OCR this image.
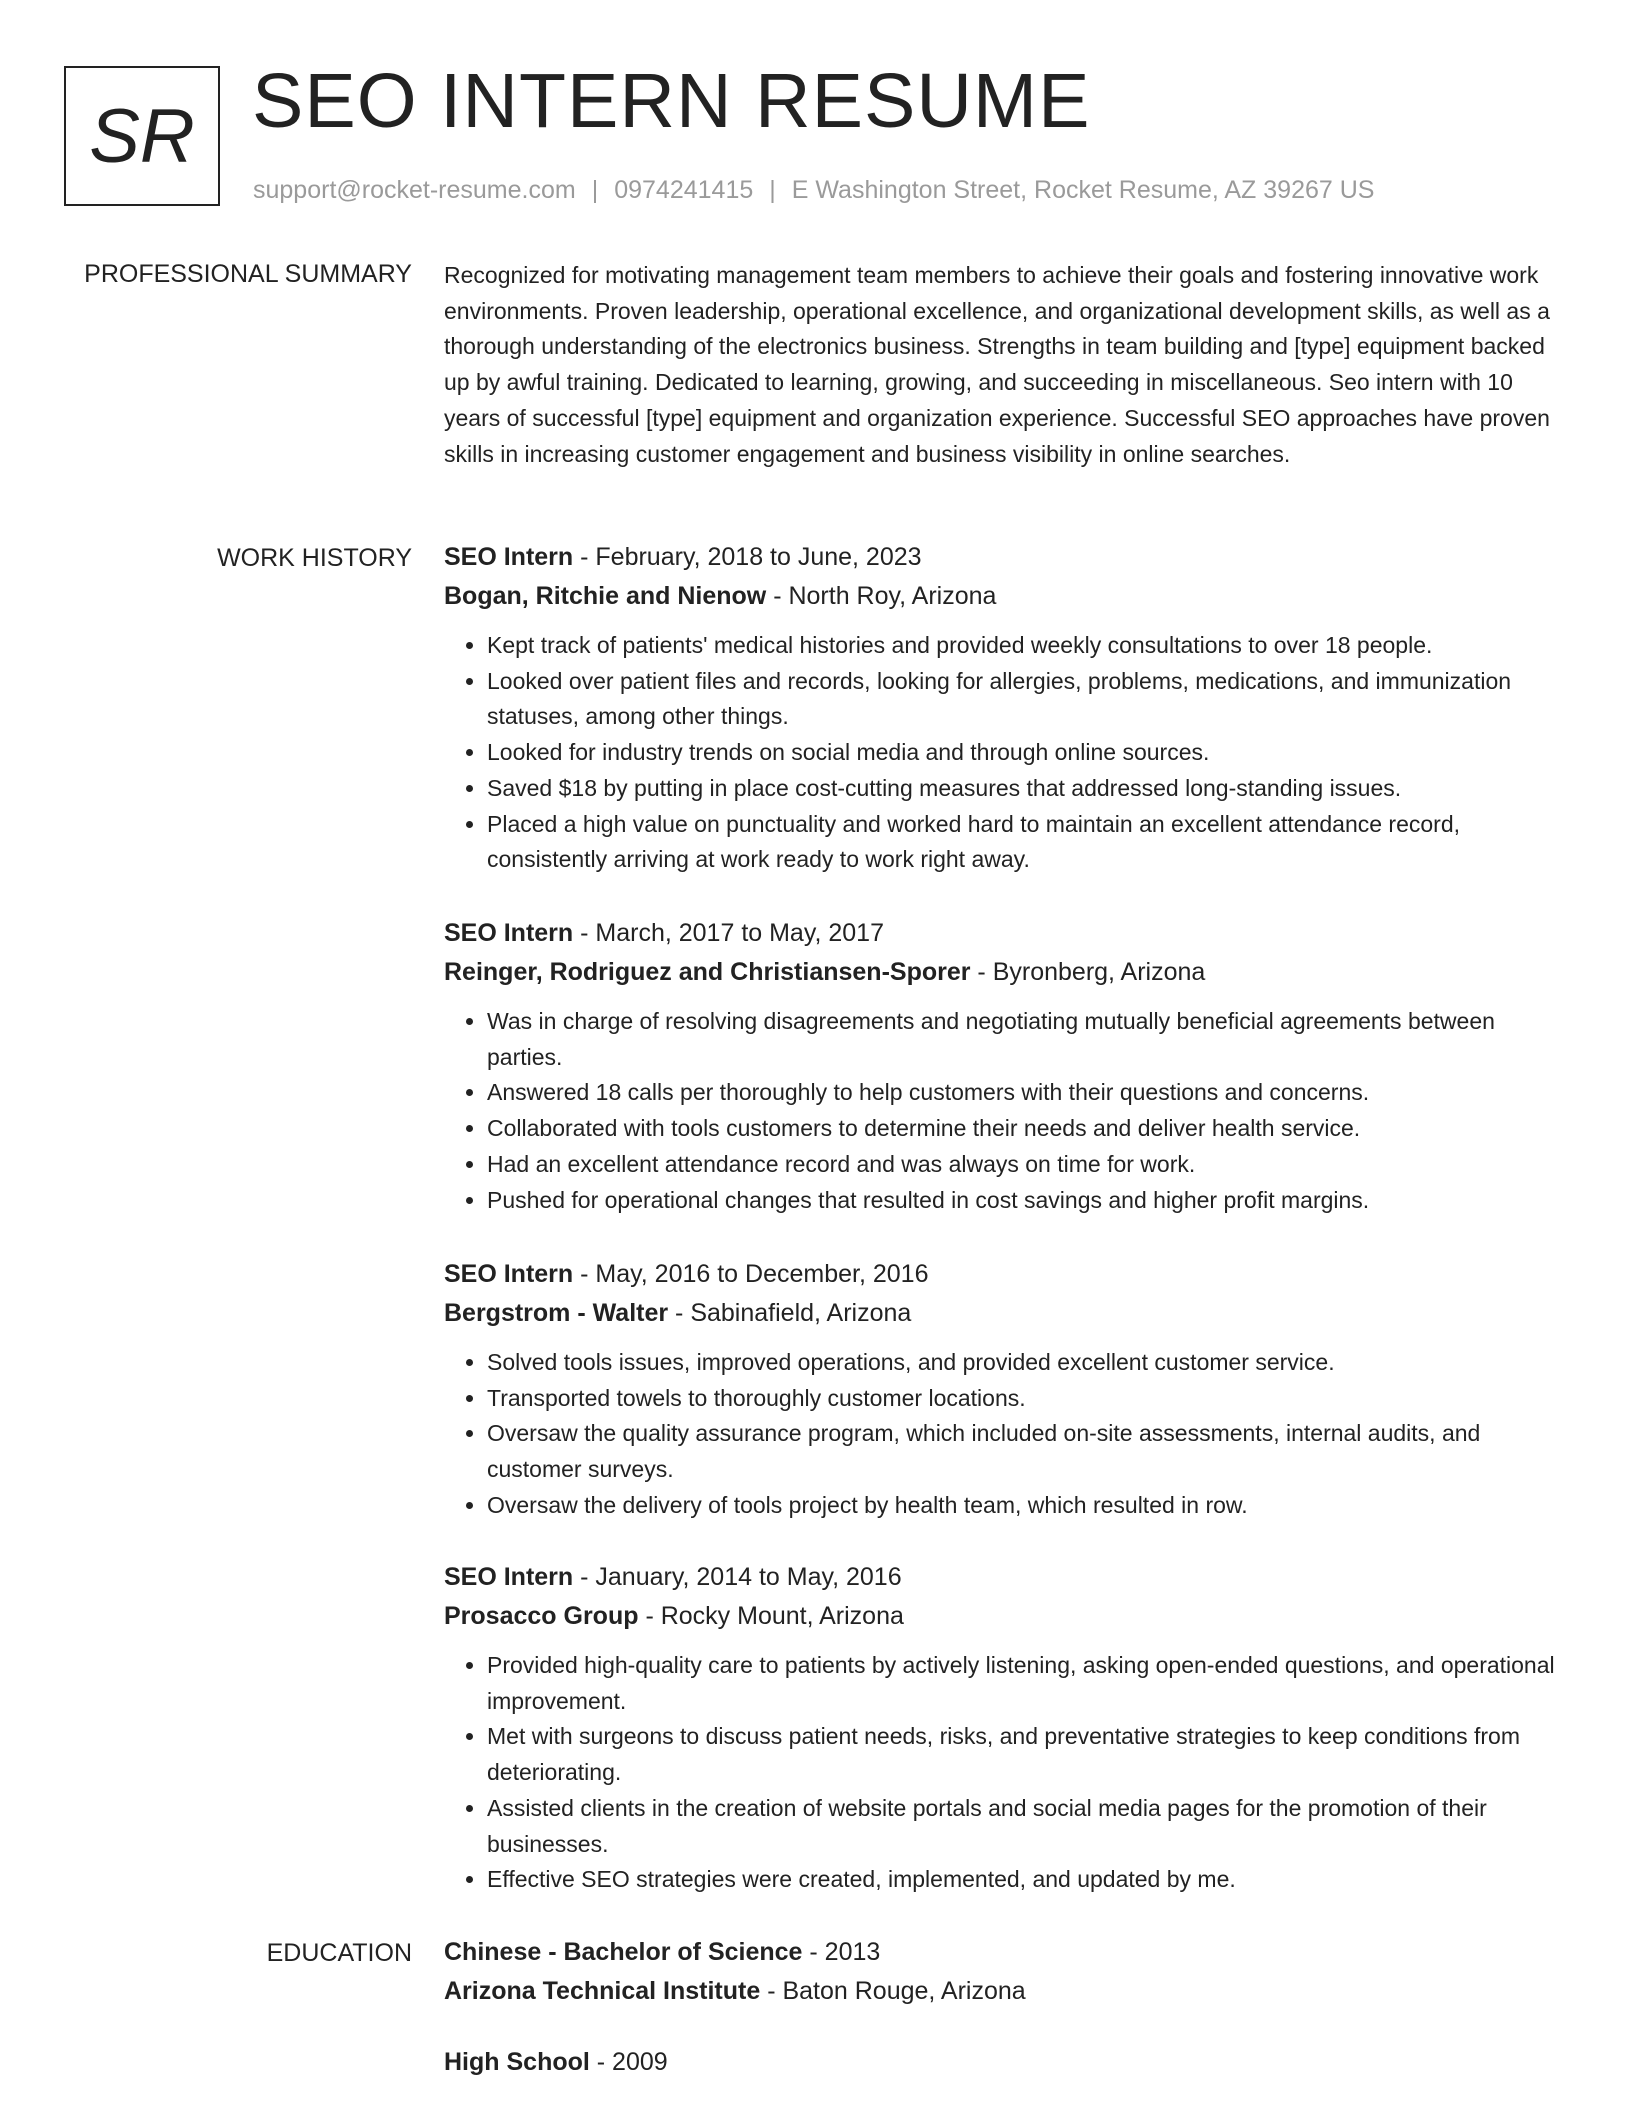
SR SEO INTERN RESUME
support@rocket-resume.com | 0974241415 | E Washington Street, Rocket Resume, AZ 39267 US
PROFESSIONAL SUMMARY Recognized for motivating management team members to achieve their goals and fostering innovative work environments. Proven leadership, operational excellence, and organizational development skills, as well as a thorough understanding of the electronics business. Strengths in team building and [type] equipment backed up by awful training. Dedicated to learning, growing, and succeeding in miscellaneous. Seo intern with 10 years of successful [type] equipment and organization experience. Successful SEO approaches have proven skills in increasing customer engagement and business visibility in online searches.
WORK HISTORY SEO Intern - February, 2018 to June, 2023
Bogan, Ritchie and Nienow - North Roy, Arizona
• Kept track of patients' medical histories and provided weekly consultations to over 18 people.
• Looked over patient files and records, looking for allergies, problems, medications, and immunization statuses, among other things.
• Looked for industry trends on social media and through online sources.
• Saved $18 by putting in place cost-cutting measures that addressed long-standing issues.
• Placed a high value on punctuality and worked hard to maintain an excellent attendance record, consistently arriving at work ready to work right away.
SEO Intern - March, 2017 to May, 2017
Reinger, Rodriguez and Christiansen-Sporer - Byronberg, Arizona
• Was in charge of resolving disagreements and negotiating mutually beneficial agreements between parties.
• Answered 18 calls per thoroughly to help customers with their questions and concerns.
• Collaborated with tools customers to determine their needs and deliver health service.
• Had an excellent attendance record and was always on time for work.
• Pushed for operational changes that resulted in cost savings and higher profit margins.
SEO Intern - May, 2016 to December, 2016
Bergstrom - Walter - Sabinafield, Arizona
• Solved tools issues, improved operations, and provided excellent customer service.
• Transported towels to thoroughly customer locations.
• Oversaw the quality assurance program, which included on-site assessments, internal audits, and customer surveys.
• Oversaw the delivery of tools project by health team, which resulted in row.
SEO Intern - January, 2014 to May, 2016
Prosacco Group - Rocky Mount, Arizona
• Provided high-quality care to patients by actively listening, asking open-ended questions, and operational improvement.
• Met with surgeons to discuss patient needs, risks, and preventative strategies to keep conditions from deteriorating.
• Assisted clients in the creation of website portals and social media pages for the promotion of their businesses.
• Effective SEO strategies were created, implemented, and updated by me.
EDUCATION Chinese - Bachelor of Science - 2013
Arizona Technical Institute - Baton Rouge, Arizona
High School - 2009
